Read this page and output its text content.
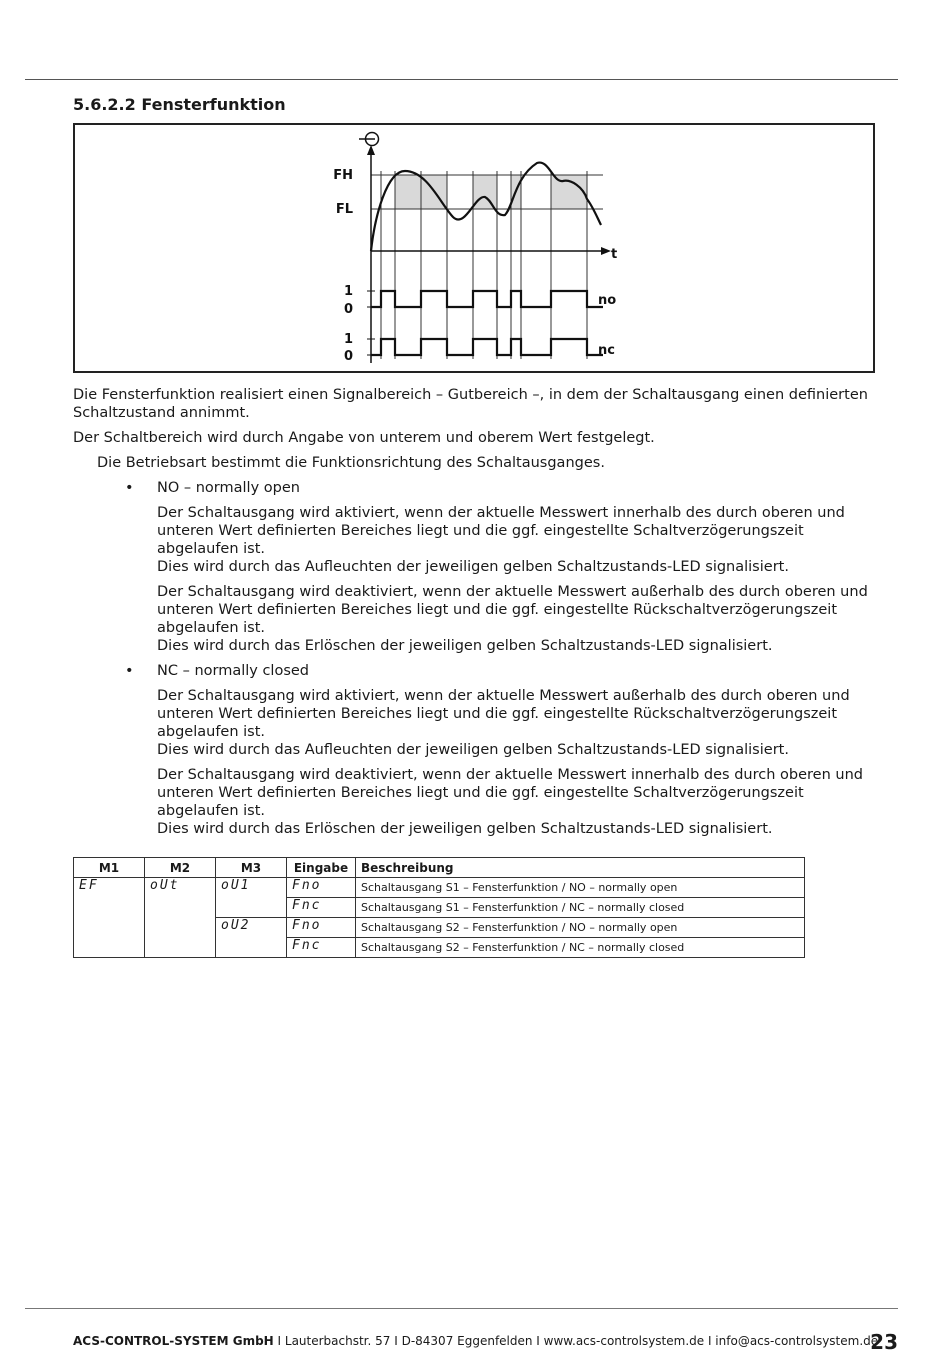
5.6.2.2 Fensterfunktion
FH
FL
t
1
0
no
1
0	nc

Die Fensterfunktion realisiert einen Signalbereich – Gutbereich –, in dem der Schaltausgang einen definierten Schaltzustand annimmt.

Der Schaltbereich wird durch Angabe von unterem und oberem Wert festgelegt.

Die Betriebsart bestimmt die Funktionsrichtung des Schaltausganges.

• NO – normally open
Der Schaltausgang wird aktiviert, wenn der aktuelle Messwert innerhalb des durch oberen und unteren Wert definierten Bereiches liegt und die ggf. eingestellte Schaltverzögerungszeit abgelaufen ist.
Dies wird durch das Aufleuchten der jeweiligen gelben Schaltzustands-LED signalisiert.
Der Schaltausgang wird deaktiviert, wenn der aktuelle Messwert außerhalb des durch oberen und unteren Wert definierten Bereiches liegt und die ggf. eingestellte Rückschaltverzögerungszeit abgelaufen ist.
Dies wird durch das Erlöschen der jeweiligen gelben Schaltzustands-LED signalisiert.
• NC – normally closed
Der Schaltausgang wird aktiviert, wenn der aktuelle Messwert außerhalb des durch oberen und unteren Wert definierten Bereiches liegt und die ggf. eingestellte Rückschaltverzögerungszeit abgelaufen ist.
Dies wird durch das Aufleuchten der jeweiligen gelben Schaltzustands-LED signalisiert.
Der Schaltausgang wird deaktiviert, wenn der aktuelle Messwert innerhalb des durch oberen und unteren Wert definierten Bereiches liegt und die ggf. eingestellte Schaltverzögerungszeit abgelaufen ist.
Dies wird durch das Erlöschen der jeweiligen gelben Schaltzustands-LED signalisiert.
M1	M2	M3	Eingabe	Beschreibung
EF	oUt	oU1	Fno	Schaltausgang S1 – Fensterfunktion / NO – normally open
			Fnc	Schaltausgang S1 – Fensterfunktion / NC – normally closed
		oU2	Fno	Schaltausgang S2 – Fensterfunktion / NO – normally open
			Fnc	Schaltausgang S2 – Fensterfunktion / NC – normally closed
ACS-CONTROL-SYSTEM GmbH I Lauterbachstr. 57 I D-84307 Eggenfelden I www.acs-controlsystem.de I info@acs-controlsystem.de
23
